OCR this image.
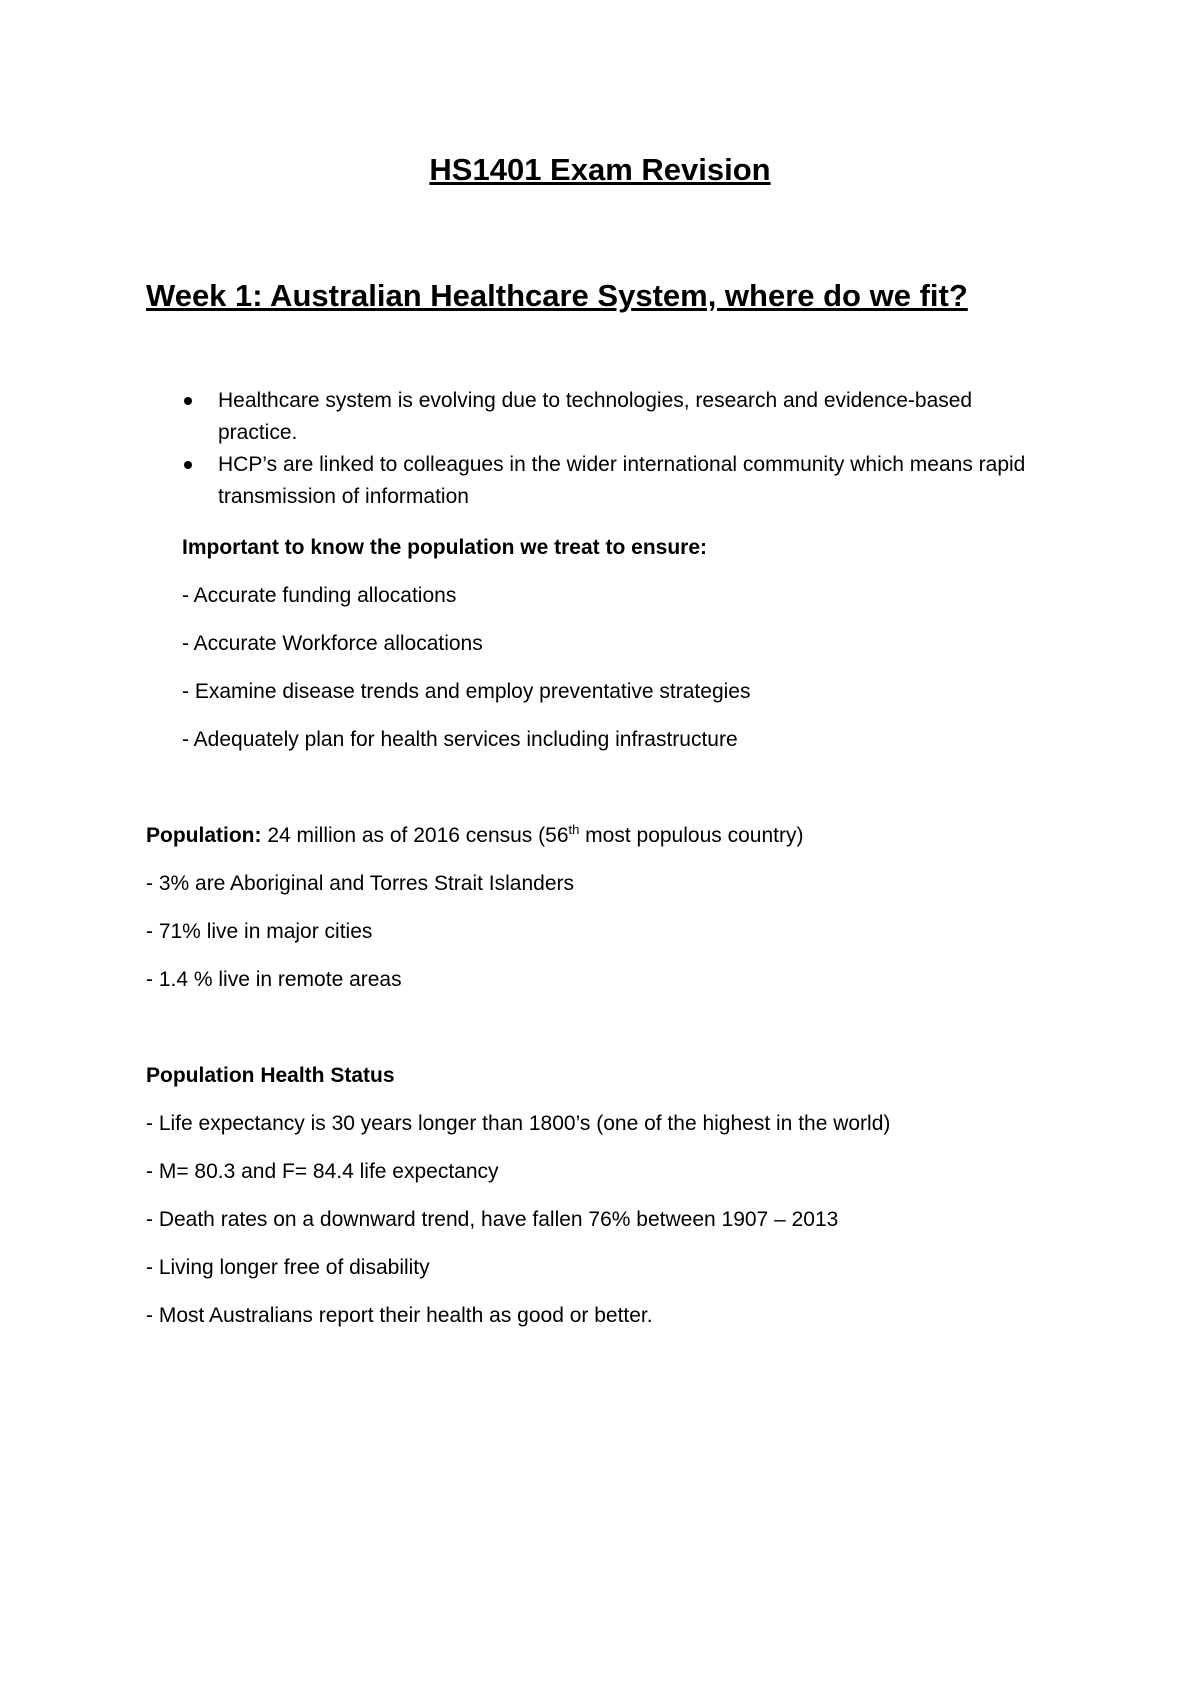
HS1401 Exam Revision
Week 1: Australian Healthcare System, where do we fit?
Healthcare system is evolving due to technologies, research and evidence-based practice.
HCP’s are linked to colleagues in the wider international community which means rapid transmission of information

Important to know the population we treat to ensure:

- Accurate funding allocations

- Accurate Workforce allocations

- Examine disease trends and employ preventative strategies

- Adequately plan for health services including infrastructure

Population: 24 million as of 2016 census (56th most populous country)

- 3% are Aboriginal and Torres Strait Islanders

- 71% live in major cities

- 1.4 % live in remote areas

Population Health Status

- Life expectancy is 30 years longer than 1800’s (one of the highest in the world)

- M= 80.3 and F= 84.4 life expectancy

- Death rates on a downward trend, have fallen 76% between 1907 – 2013

- Living longer free of disability

- Most Australians report their health as good or better.
